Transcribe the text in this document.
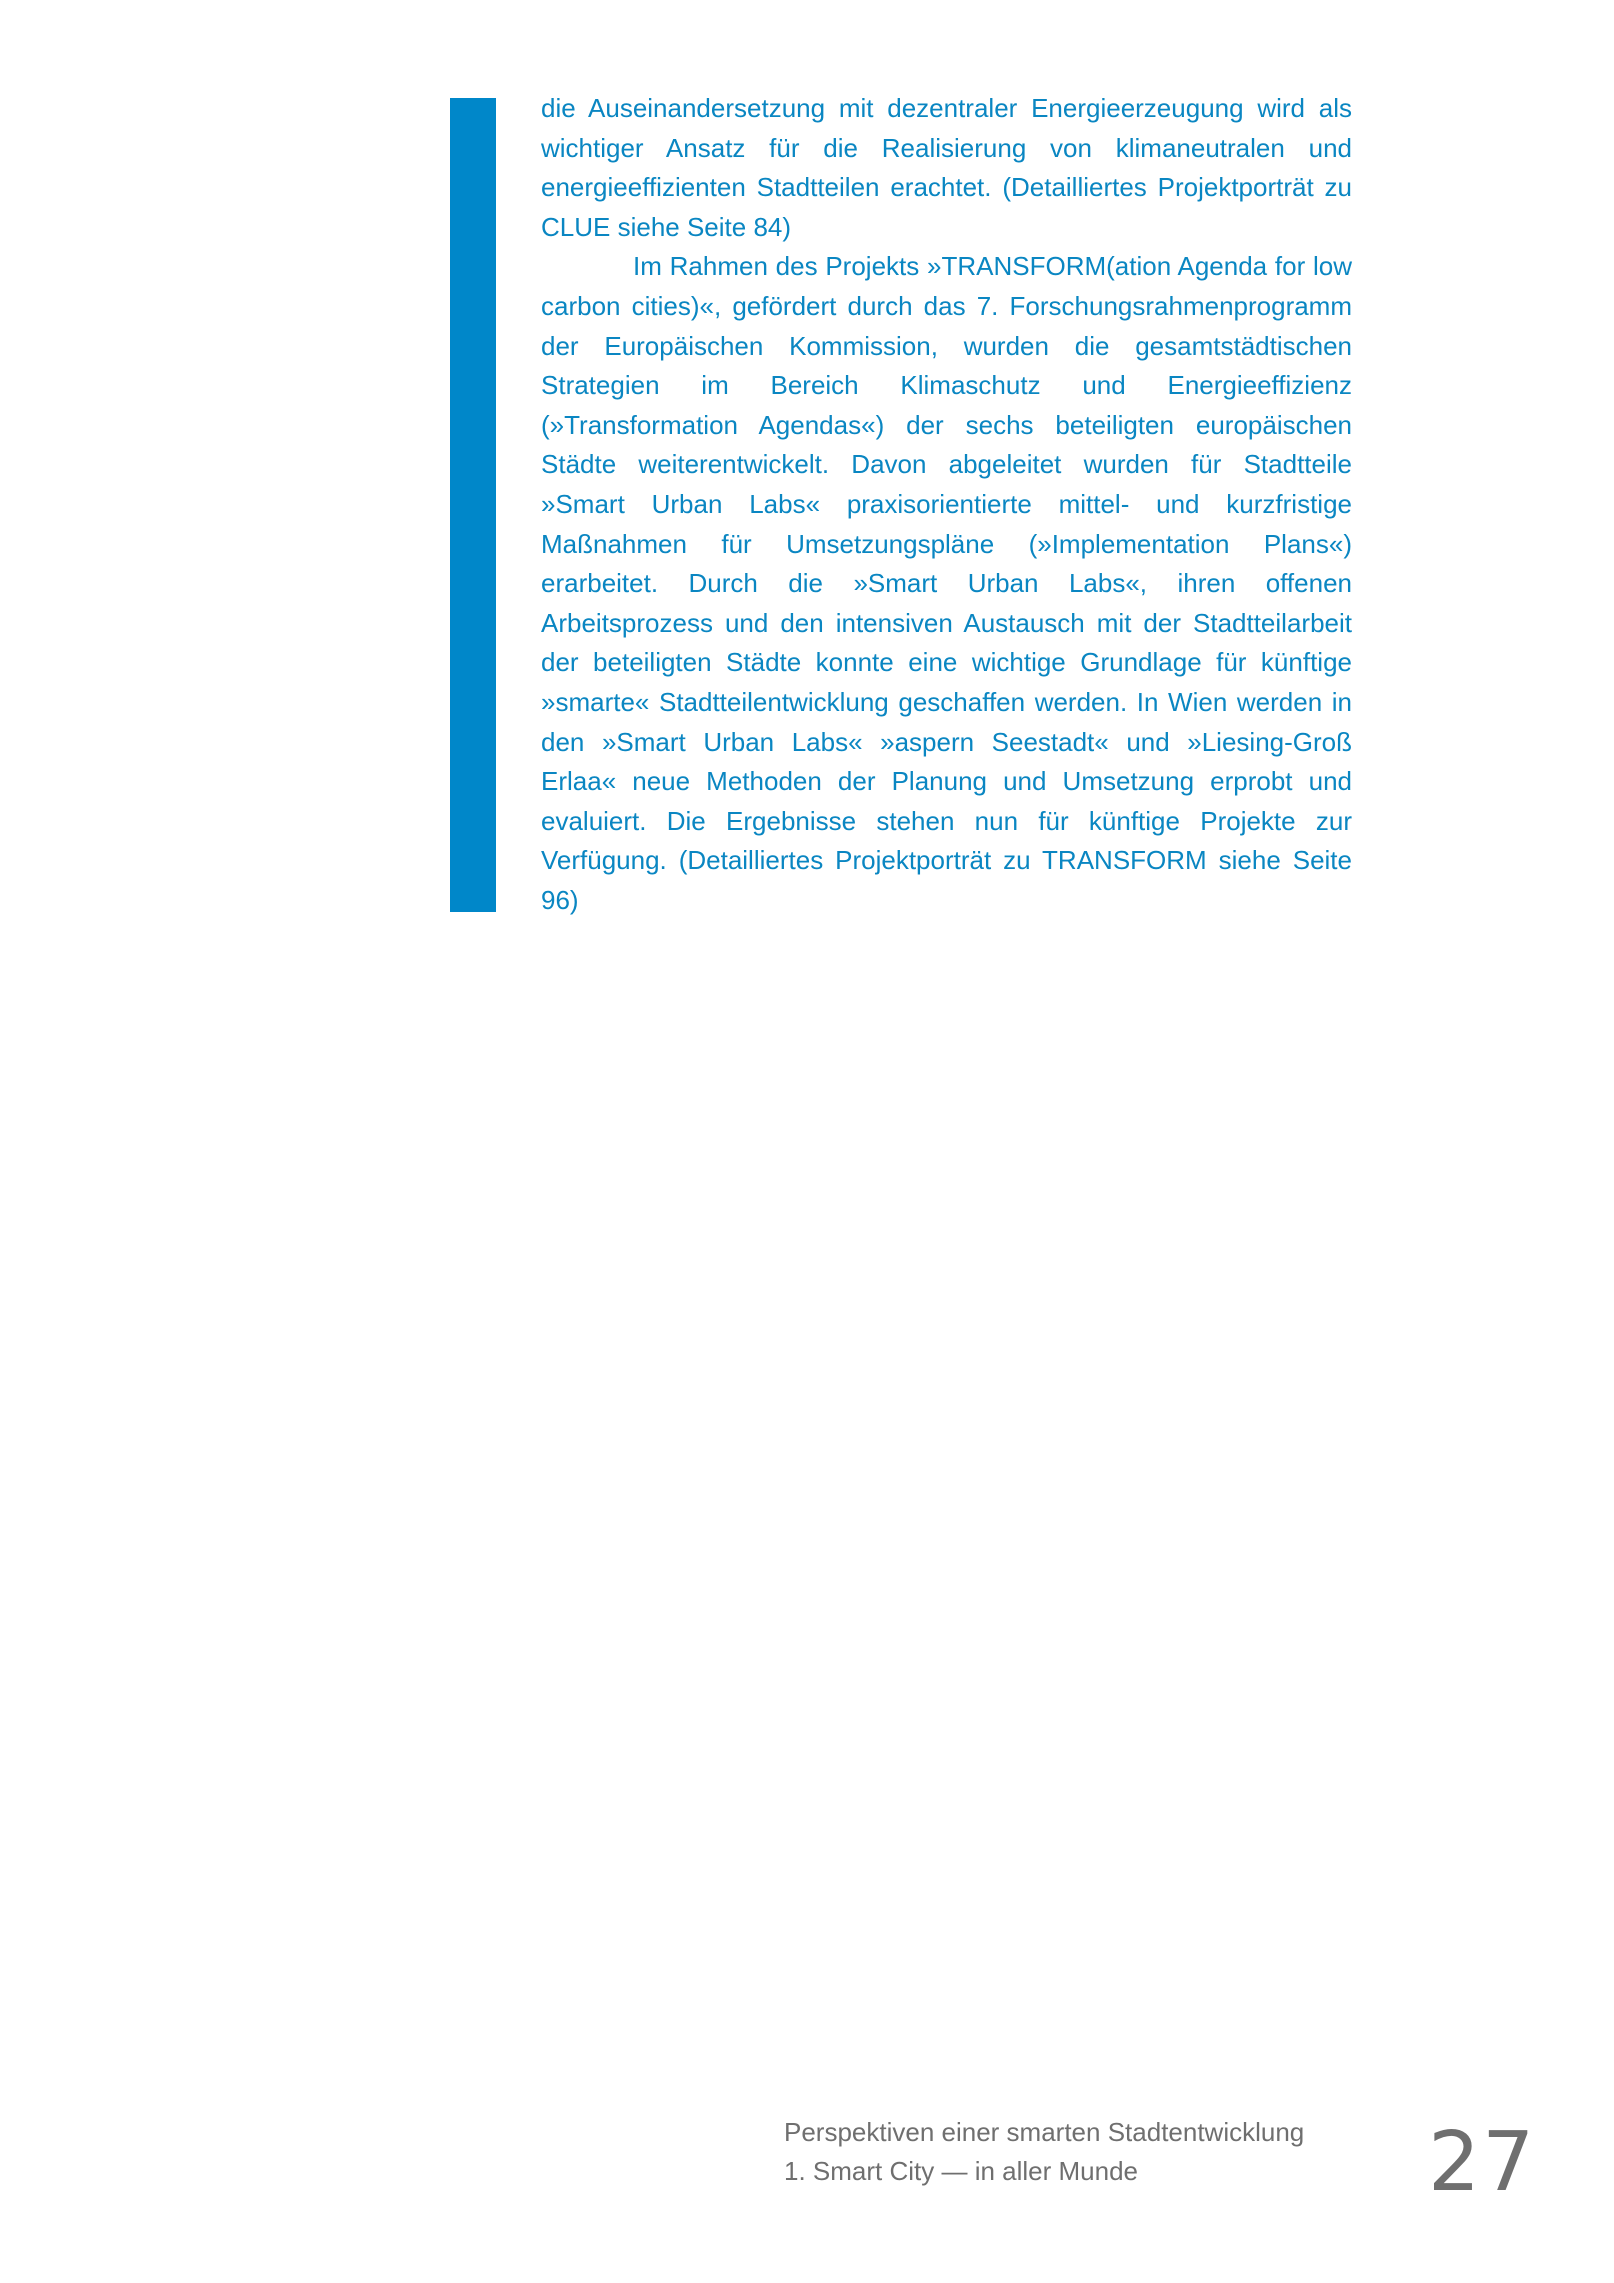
die Auseinandersetzung mit dezentraler Energieerzeugung wird als wichtiger Ansatz für die Realisierung von klimaneutralen und energieeffizienten Stadtteilen erachtet. (Detailliertes Projektporträt zu CLUE siehe Seite 84)

Im Rahmen des Projekts »TRANSFORM(ation Agenda for low carbon cities)«, gefördert durch das 7. Forschungsrahmenprogramm der Europäischen Kommission, wurden die gesamtstädtischen Strategien im Bereich Klimaschutz und Energieeffizienz (»Transformation Agendas«) der sechs beteiligten europäischen Städte weiterentwickelt. Davon abgeleitet wurden für Stadtteile »Smart Urban Labs« praxisorientierte mittel- und kurzfristige Maßnahmen für Umsetzungspläne (»Implementation Plans«) erarbeitet. Durch die »Smart Urban Labs«, ihren offenen Arbeitsprozess und den intensiven Austausch mit der Stadtteilarbeit der beteiligten Städte konnte eine wichtige Grundlage für künftige »smarte« Stadtteilentwicklung geschaffen werden. In Wien werden in den »Smart Urban Labs« »aspern Seestadt« und »Liesing-Groß Erlaa« neue Methoden der Planung und Umsetzung erprobt und evaluiert. Die Ergebnisse stehen nun für künftige Projekte zur Verfügung. (Detailliertes Projektporträt zu TRANSFORM siehe Seite 96)

Perspektiven einer smarten Stadtentwicklung
1. Smart City — in aller Munde	27
